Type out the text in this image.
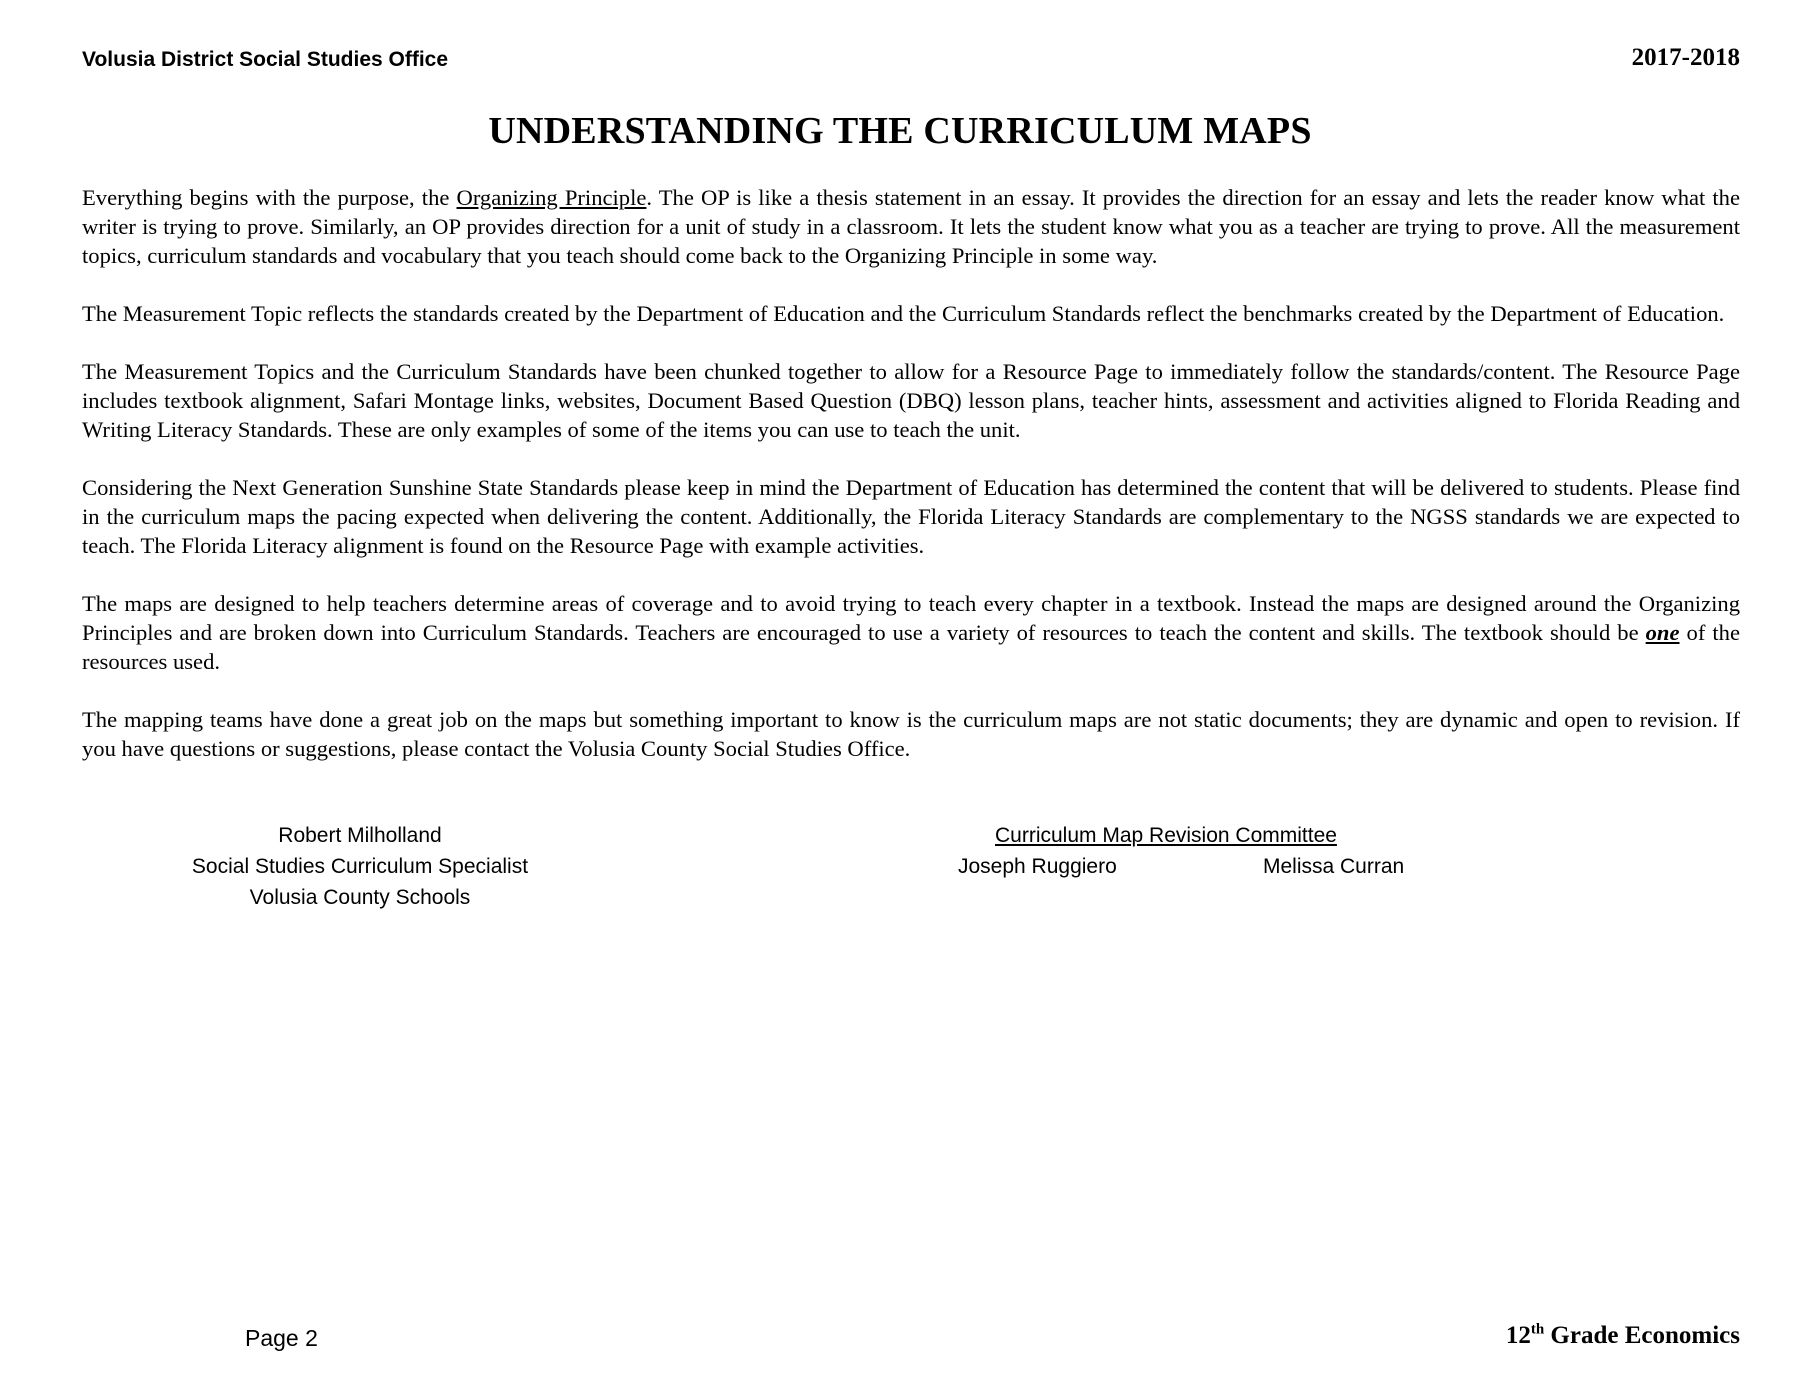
Volusia District Social Studies Office	2017-2018
UNDERSTANDING THE CURRICULUM MAPS

Everything begins with the purpose, the Organizing Principle. The OP is like a thesis statement in an essay. It provides the direction for an essay and lets the reader know what the writer is trying to prove. Similarly, an OP provides direction for a unit of study in a classroom. It lets the student know what you as a teacher are trying to prove. All the measurement topics, curriculum standards and vocabulary that you teach should come back to the Organizing Principle in some way.

The Measurement Topic reflects the standards created by the Department of Education and the Curriculum Standards reflect the benchmarks created by the Department of Education.

The Measurement Topics and the Curriculum Standards have been chunked together to allow for a Resource Page to immediately follow the standards/content. The Resource Page includes textbook alignment, Safari Montage links, websites, Document Based Question (DBQ) lesson plans, teacher hints, assessment and activities aligned to Florida Reading and Writing Literacy Standards. These are only examples of some of the items you can use to teach the unit.

Considering the Next Generation Sunshine State Standards please keep in mind the Department of Education has determined the content that will be delivered to students. Please find in the curriculum maps the pacing expected when delivering the content. Additionally, the Florida Literacy Standards are complementary to the NGSS standards we are expected to teach. The Florida Literacy alignment is found on the Resource Page with example activities.

The maps are designed to help teachers determine areas of coverage and to avoid trying to teach every chapter in a textbook. Instead the maps are designed around the Organizing Principles and are broken down into Curriculum Standards. Teachers are encouraged to use a variety of resources to teach the content and skills. The textbook should be one of the resources used.

The mapping teams have done a great job on the maps but something important to know is the curriculum maps are not static documents; they are dynamic and open to revision. If you have questions or suggestions, please contact the Volusia County Social Studies Office.

Robert Milholland
Social Studies Curriculum Specialist
Volusia County Schools
Curriculum Map Revision Committee
Joseph Ruggiero	Melissa Curran
Page 2	12th Grade Economics
